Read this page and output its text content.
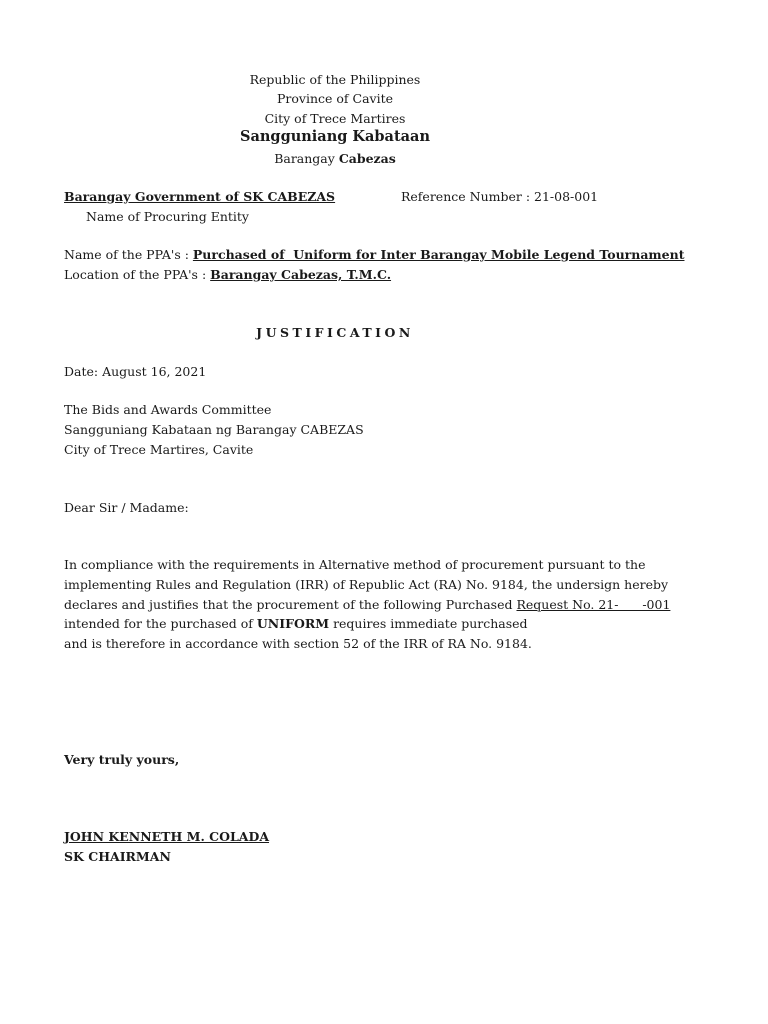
Republic of the Philippines
Province of Cavite
City of Trece Martires
Sangguniang Kabataan
Barangay Cabezas
Barangay Government of SK CABEZAS	Reference Number : 21-08-001
Name of Procuring Entity
Name of the PPA's : Purchased of  Uniform for Inter Barangay Mobile Legend Tournament
Location of the PPA's : Barangay Cabezas, T.M.C.
JUSTIFICATION
Date: August 16, 2021
The Bids and Awards Committee
Sangguniang Kabataan ng Barangay CABEZAS
City of Trece Martires, Cavite
Dear Sir / Madame:
In compliance with the requirements in Alternative method of procurement pursuant to the
implementing Rules and Regulation (IRR) of Republic Act (RA) No. 9184, the undersign hereby
declares and justifies that the procurement of the following Purchased Request No. 21-      -001
intended for the purchased of UNIFORM requires immediate purchased
and is therefore in accordance with section 52 of the IRR of RA No. 9184.
Very truly yours,
JOHN KENNETH M. COLADA
SK CHAIRMAN
